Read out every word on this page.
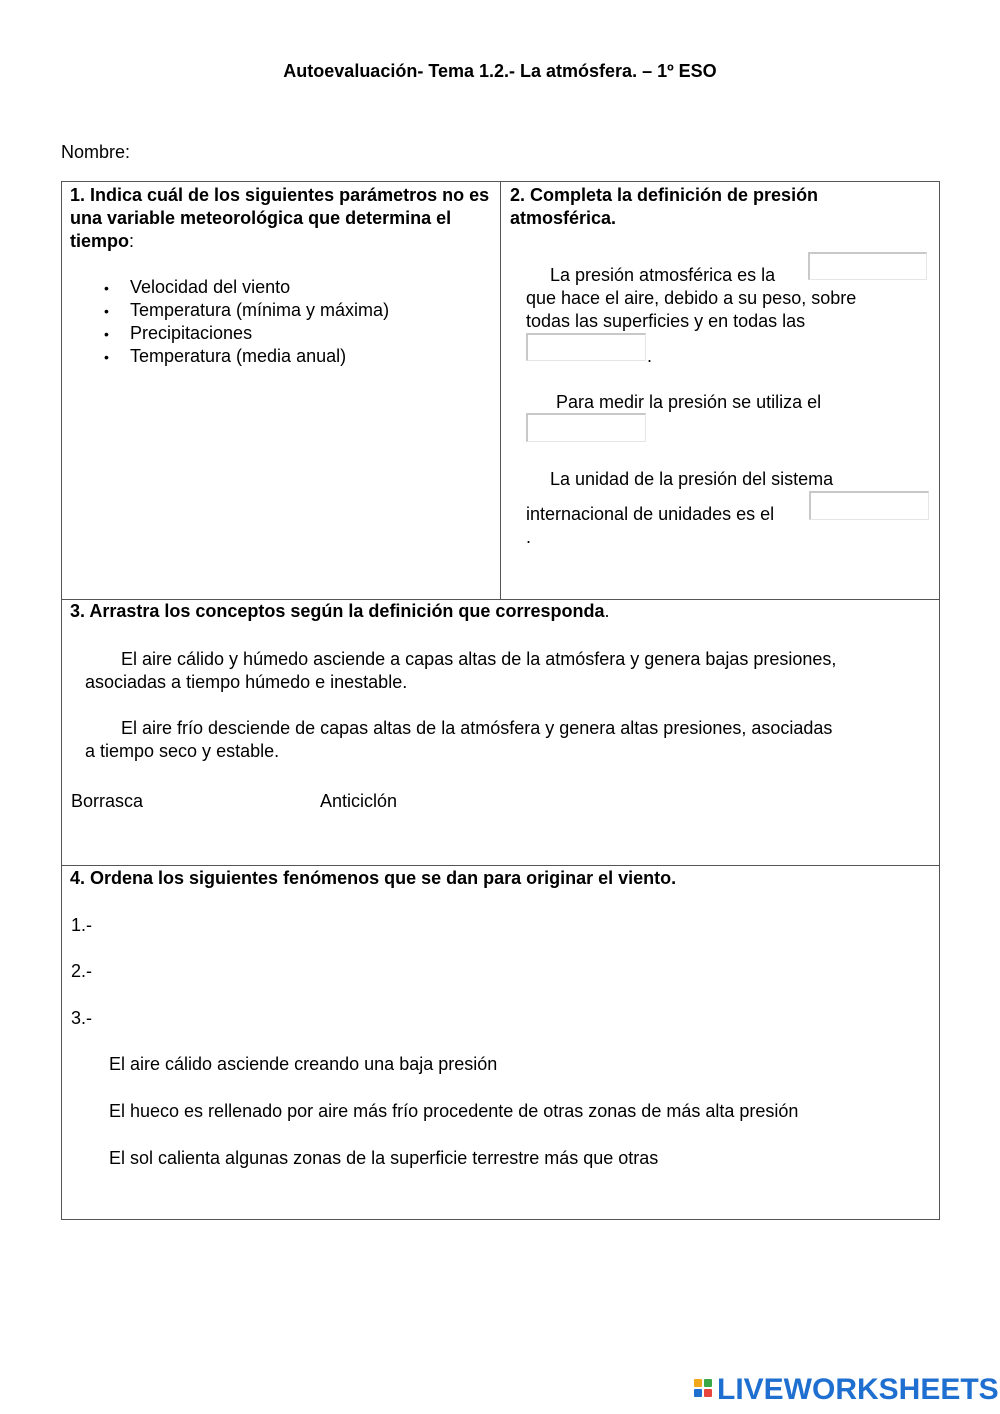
Autoevaluación- Tema 1.2.- La atmósfera. – 1º ESO
Nombre:
1. Indica cuál de los siguientes parámetros no es una variable meteorológica que determina el tiempo:
• Velocidad del viento
• Temperatura (mínima y máxima)
• Precipitaciones
• Temperatura (media anual)
2. Completa la definición de presión atmosférica.
La presión atmosférica es la
que hace el aire, debido a su peso, sobre
todas las superficies y en todas las
.
Para medir la presión se utiliza el
La unidad de la presión del sistema
internacional de unidades es el
.
3. Arrastra los conceptos según la definición que corresponda.
El aire cálido y húmedo asciende a capas altas de la atmósfera y genera bajas presiones,
asociadas a tiempo húmedo e inestable.
El aire frío desciende de capas altas de la atmósfera y genera altas presiones, asociadas
a tiempo seco y estable.
Borrasca	Anticiclón
4. Ordena los siguientes fenómenos que se dan para originar el viento.
1.-
2.-
3.-
El aire cálido asciende creando una baja presión
El hueco es rellenado por aire más frío procedente de otras zonas de más alta presión
El sol calienta algunas zonas de la superficie terrestre más que otras
LIVEWORKSHEETS
